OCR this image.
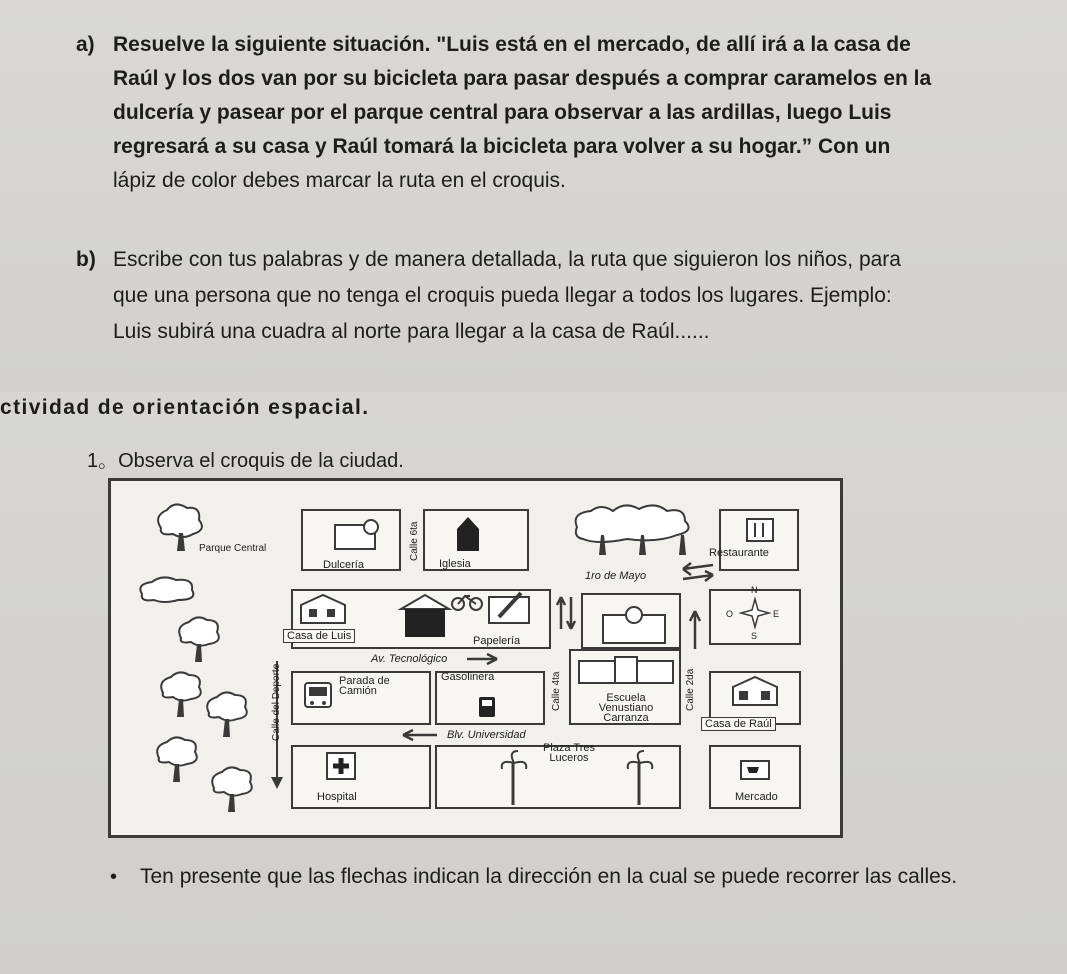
a) Resuelve la siguiente situación. "Luis está en el mercado, de allí irá a la casa de
Raúl y los dos van por su bicicleta para pasar después a comprar caramelos en la
dulcería y pasear por el parque central para observar a las ardillas, luego Luis
regresará a su casa y Raúl tomará la bicicleta para volver a su hogar.” Con un
lápiz de color debes marcar la ruta en el croquis.
b) Escribe con tus palabras y de manera detallada, la ruta que siguieron los niños, para
que una persona que no tenga el croquis pueda llegar a todos los lugares. Ejemplo:
Luis subirá una cuadra al norte para llegar a la casa de Raúl......
ctividad de orientación espacial.
1。Observa el croquis de la ciudad.
Parque Central
Calle del Deporte
Dulcería
Calle 6ta
Iglesia
Restaurante
1ro de Mayo
Casa de Luis	Papelería
N
O	E
S
Av. Tecnológico
Parada de Camión
Gasolinera	Calle 4ta	Escuela Venustiano Carranza
Calle 2da
Casa de Raúl
Blv. Universidad
Hospital
Plaza Tres Luceros
Mercado
• Ten presente que las flechas indican la dirección en la cual se puede recorrer las calles.
